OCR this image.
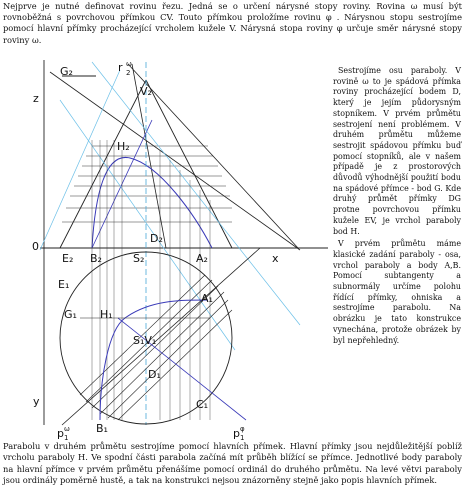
Nejprve je nutné definovat rovinu řezu. Jedná se o určení nárysné stopy roviny. Rovina ω musí být rovnoběžná s povrchovou přímkou CV. Touto přímkou proložíme rovinu φ . Nárysnou stopu sestrojíme pomocí hlavní přímky procházející vrcholem kužele V. Nárysná stopa roviny φ určuje směr nárysné stopy roviny ω.

G₂	r ω
2
z
V₂
H₂
D₂
0
E₂ B₂	S₂	A₂	x
E₁
G₁ H₁
A₁
S₁V₁
D₁
C₁
y
p ω
1
B₁	p φ
1

Sestrojíme osu paraboly. V rovině ω to je spádová přímka roviny procházející bodem D, který je jejím půdorysným stopníkem. V prvém průmětu sestrojení není problémem. V druhém průmětu můžeme sestrojit spádovou přímku buď pomocí stopníků, ale v našem případě je z prostorových důvodů výhodnější použití bodu na spádové přímce - bod G. Kde druhý průmět přímky DG protne povrchovou přímku kužele EV, je vrchol paraboly bod H.

V prvém průmětu máme klasické zadání paraboly - osa, vrchol paraboly a body A,B. Pomocí subtangenty a subnormály určíme polohu řídící přímky, ohniska a sestrojíme parabolu. Na obrázku je tato konstrukce vynechána, protože obrázek by byl nepřehledný.

Parabolu v druhém průmětu sestrojíme pomocí hlavních přímek. Hlavní přímky jsou nejdůležitější poblíž vrcholu paraboly H. Ve spodní části parabola začíná mít průběh blížící se přímce. Jednotlivé body paraboly na hlavní přímce v prvém průmětu přenášíme pomocí ordinál do druhého průmětu. Na levé větvi paraboly jsou ordinály poměrně hustě, a tak na konstrukci nejsou znázorněny stejně jako popis hlavních přímek.
